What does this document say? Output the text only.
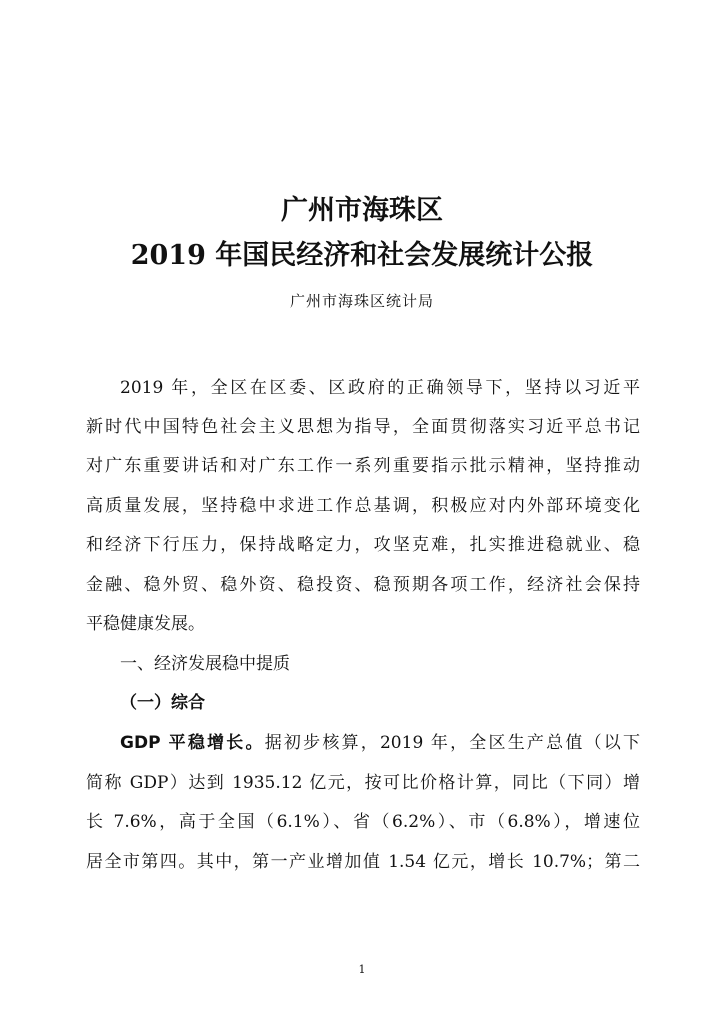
广州市海珠区
2019 年国民经济和社会发展统计公报
广州市海珠区统计局
2019 年，全区在区委、区政府的正确领导下，坚持以习近平
新时代中国特色社会主义思想为指导，全面贯彻落实习近平总书记
对广东重要讲话和对广东工作一系列重要指示批示精神，坚持推动
高质量发展，坚持稳中求进工作总基调，积极应对内外部环境变化
和经济下行压力，保持战略定力，攻坚克难，扎实推进稳就业、稳
金融、稳外贸、稳外资、稳投资、稳预期各项工作，经济社会保持
平稳健康发展。
一、经济发展稳中提质
（一）综合
GDP 平稳增长。据初步核算，2019 年，全区生产总值（以下
简称 GDP）达到 1935.12 亿元，按可比价格计算，同比（下同）增
长 7.6%，高于全国（6.1%）、省（6.2%）、市（6.8%），增速位
居全市第四。其中，第一产业增加值 1.54 亿元，增长 10.7%；第二
1
